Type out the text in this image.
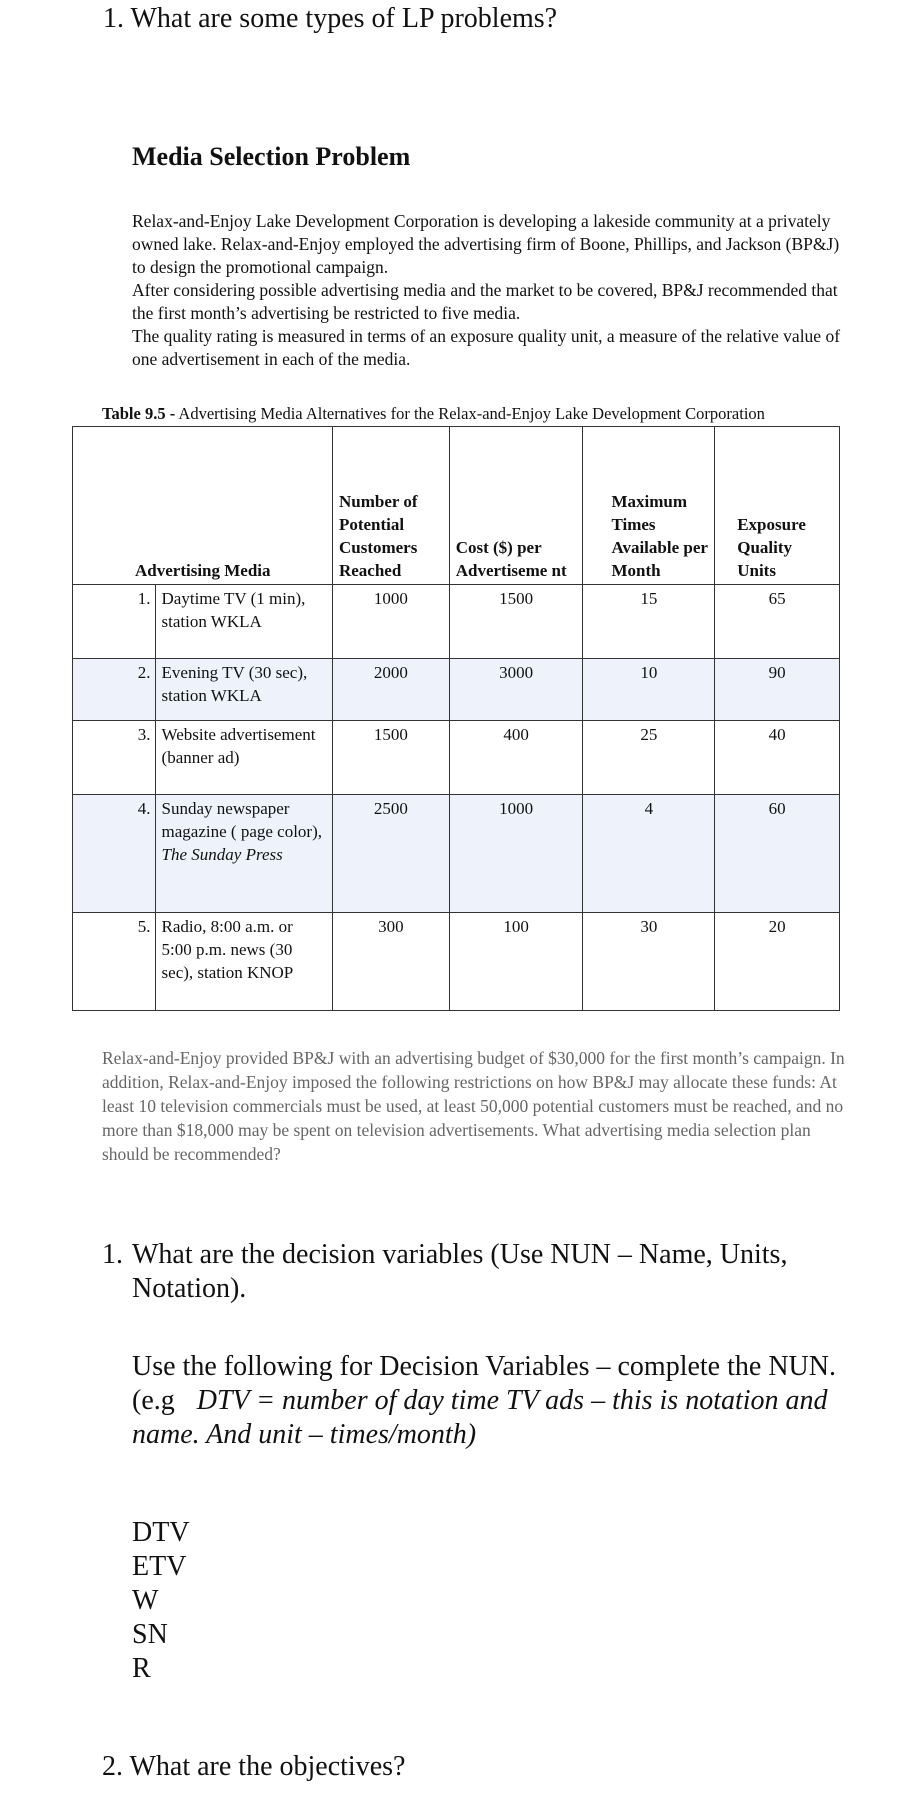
1. What are some types of LP problems?
Media Selection Problem

Relax-and-Enjoy Lake Development Corporation is developing a lakeside community at a privately owned lake. Relax-and-Enjoy employed the advertising firm of Boone, Phillips, and Jackson (BP&J) to design the promotional campaign.

After considering possible advertising media and the market to be covered, BP&J recommended that the first month’s advertising be restricted to five media.

The quality rating is measured in terms of an exposure quality unit, a measure of the relative value of one advertisement in each of the media.

Table 9.5 - Advertising Media Alternatives for the Relax-and-Enjoy Lake Development Corporation
Advertising Media		Number of Potential Customers Reached	Cost ($) per Advertiseme nt	Maximum Times Available per Month	Exposure Quality Units
1.	Daytime TV (1 min), station WKLA	1000	1500	15	65
2.	Evening TV (30 sec), station WKLA	2000	3000	10	90
3.	Website advertisement (banner ad)	1500	400	25	40
4.	Sunday newspaper magazine ( page color), The Sunday Press	2500	1000	4	60
5.	Radio, 8:00 a.m. or 5:00 p.m. news (30 sec), station KNOP	300	100	30	20
Relax-and-Enjoy provided BP&J with an advertising budget of $30,000 for the first month’s campaign. In addition, Relax-and-Enjoy imposed the following restrictions on how BP&J may allocate these funds: At least 10 television commercials must be used, at least 50,000 potential customers must be reached, and no more than $18,000 may be spent on television advertisements. What advertising media selection plan should be recommended?
1. What are the decision variables (Use NUN – Name, Units, Notation).
Use the following for Decision Variables – complete the NUN.
(e.g DTV = number of day time TV ads – this is notation and name. And unit – times/month)
DTV
ETV
W
SN
R
2. What are the objectives?
